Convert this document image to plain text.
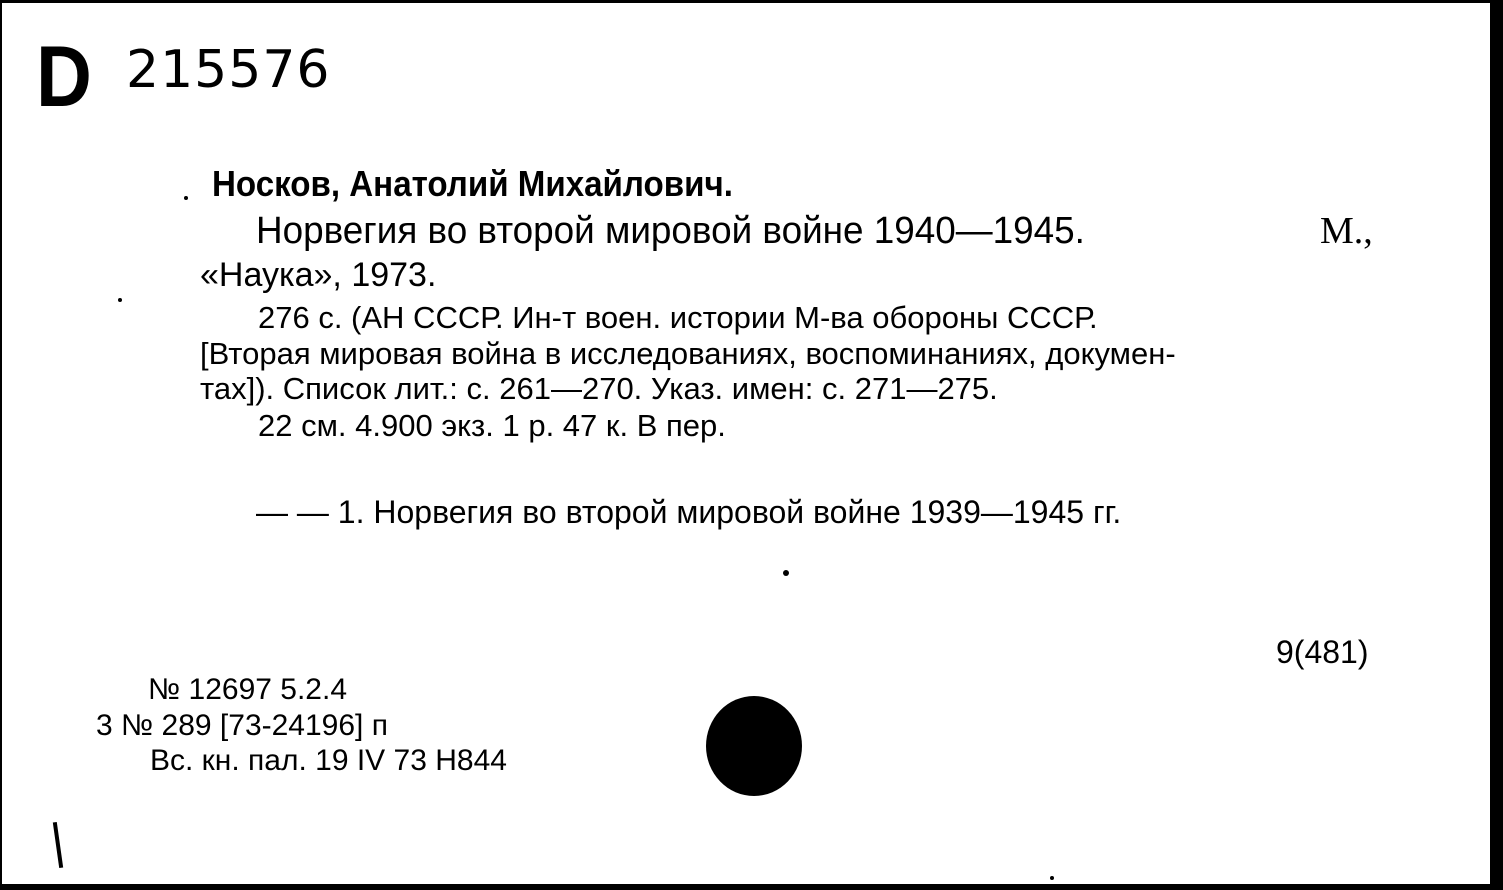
D 215576
Носков, Анатолий Михайлович.
Норвегия во второй мировой войне 1940—1945.	М.,
«Наука», 1973.
276 с. (АН СССР. Ин-т воен. истории М-ва обороны СССР.
[Вторая мировая война в исследованиях, воспоминаниях, докумен-
тах]). Список лит.: с. 261—270. Указ. имен: с. 271—275.
22 см. 4.900 экз. 1 р. 47 к. В пер.
— — 1. Норвегия во второй мировой войне 1939—1945 гг.
9(481)
№ 12697 5.2.4
3 № 289 [73-24196] п
Вс. кн. пал. 19 IV 73 Н844
